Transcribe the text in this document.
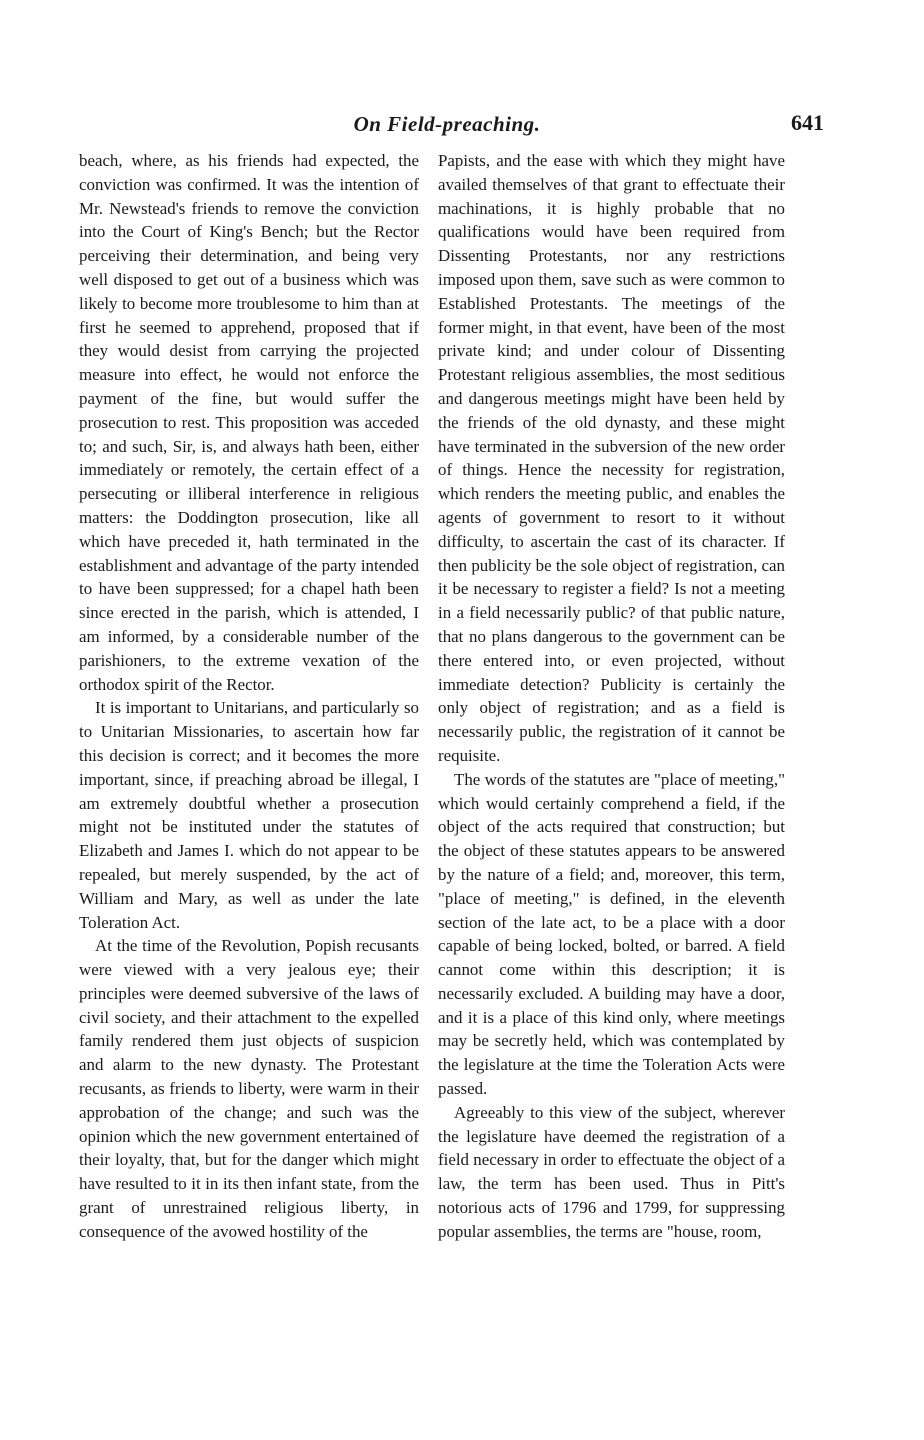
On Field-preaching.	641

beach, where, as his friends had expected, the conviction was confirmed. It was the intention of Mr. Newstead's friends to remove the conviction into the Court of King's Bench; but the Rector perceiving their determination, and being very well disposed to get out of a business which was likely to become more troublesome to him than at first he seemed to apprehend, proposed that if they would desist from carrying the projected measure into effect, he would not enforce the payment of the fine, but would suffer the prosecution to rest. This proposition was acceded to; and such, Sir, is, and always hath been, either immediately or remotely, the certain effect of a persecuting or illiberal interference in religious matters: the Doddington prosecution, like all which have preceded it, hath terminated in the establishment and advantage of the party intended to have been suppressed; for a chapel hath been since erected in the parish, which is attended, I am informed, by a considerable number of the parishioners, to the extreme vexation of the orthodox spirit of the Rector.

It is important to Unitarians, and particularly so to Unitarian Missionaries, to ascertain how far this decision is correct; and it becomes the more important, since, if preaching abroad be illegal, I am extremely doubtful whether a prosecution might not be instituted under the statutes of Elizabeth and James I. which do not appear to be repealed, but merely suspended, by the act of William and Mary, as well as under the late Toleration Act.

At the time of the Revolution, Popish recusants were viewed with a very jealous eye; their principles were deemed subversive of the laws of civil society, and their attachment to the expelled family rendered them just objects of suspicion and alarm to the new dynasty. The Protestant recusants, as friends to liberty, were warm in their approbation of the change; and such was the opinion which the new government entertained of their loyalty, that, but for the danger which might have resulted to it in its then infant state, from the grant of unrestrained religious liberty, in consequence of the avowed hostility of the

Papists, and the ease with which they might have availed themselves of that grant to effectuate their machinations, it is highly probable that no qualifications would have been required from Dissenting Protestants, nor any restrictions imposed upon them, save such as were common to Established Protestants. The meetings of the former might, in that event, have been of the most private kind; and under colour of Dissenting Protestant religious assemblies, the most seditious and dangerous meetings might have been held by the friends of the old dynasty, and these might have terminated in the subversion of the new order of things. Hence the necessity for registration, which renders the meeting public, and enables the agents of government to resort to it without difficulty, to ascertain the cast of its character. If then publicity be the sole object of registration, can it be necessary to register a field? Is not a meeting in a field necessarily public? of that public nature, that no plans dangerous to the government can be there entered into, or even projected, without immediate detection? Publicity is certainly the only object of registration; and as a field is necessarily public, the registration of it cannot be requisite.

The words of the statutes are "place of meeting," which would certainly comprehend a field, if the object of the acts required that construction; but the object of these statutes appears to be answered by the nature of a field; and, moreover, this term, "place of meeting," is defined, in the eleventh section of the late act, to be a place with a door capable of being locked, bolted, or barred. A field cannot come within this description; it is necessarily excluded. A building may have a door, and it is a place of this kind only, where meetings may be secretly held, which was contemplated by the legislature at the time the Toleration Acts were passed.

Agreeably to this view of the subject, wherever the legislature have deemed the registration of a field necessary in order to effectuate the object of a law, the term has been used. Thus in Pitt's notorious acts of 1796 and 1799, for suppressing popular assemblies, the terms are "house, room,
